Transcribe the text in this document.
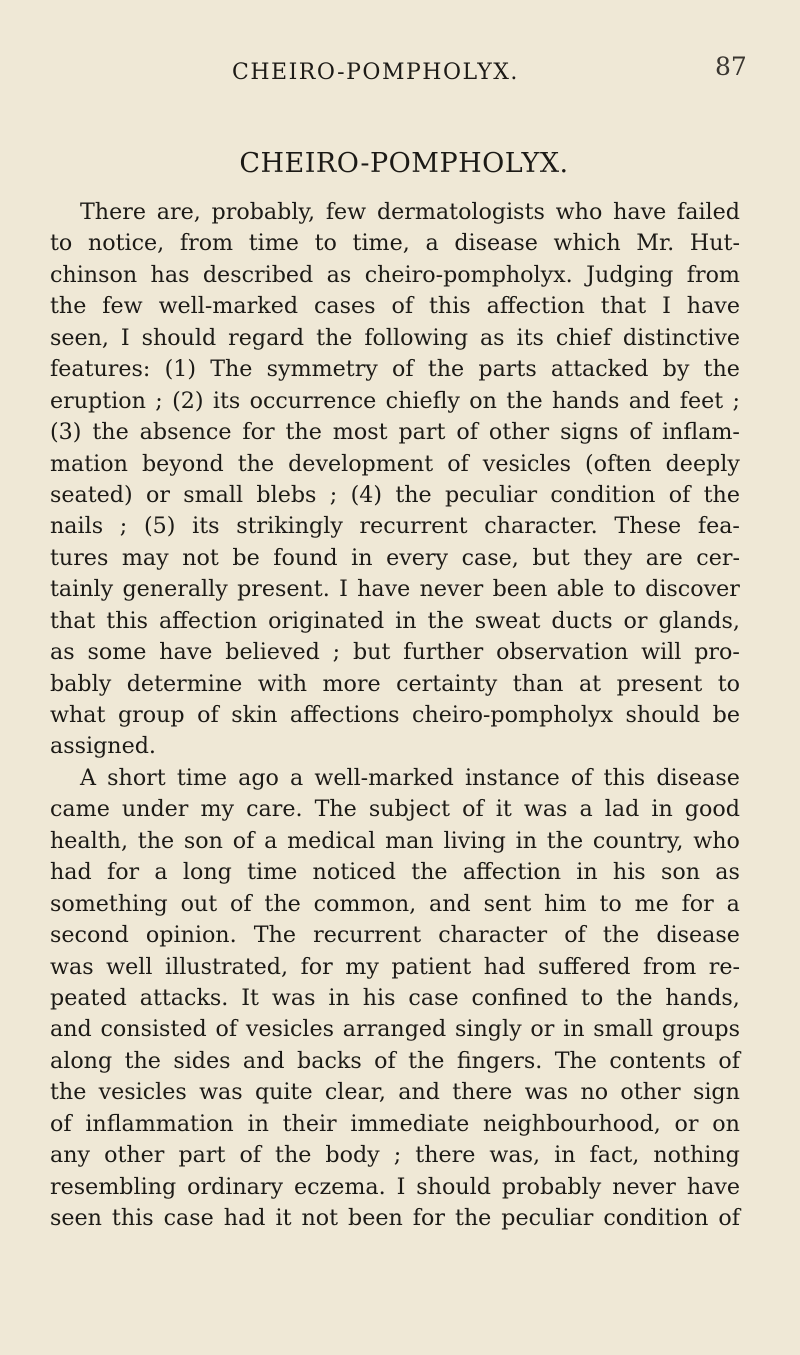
CHEIRO-POMPHOLYX.	87
CHEIRO-POMPHOLYX.
There are, probably, few dermatologists who have failed
to notice, from time to time, a disease which Mr. Hut-
chinson has described as cheiro-pompholyx. Judging from
the few well-marked cases of this affection that I have
seen, I should regard the following as its chief distinctive
features: (1) The symmetry of the parts attacked by the
eruption ; (2) its occurrence chiefly on the hands and feet ;
(3) the absence for the most part of other signs of inflam-
mation beyond the development of vesicles (often deeply
seated) or small blebs ; (4) the peculiar condition of the
nails ; (5) its strikingly recurrent character. These fea-
tures may not be found in every case, but they are cer-
tainly generally present. I have never been able to discover
that this affection originated in the sweat ducts or glands,
as some have believed ; but further observation will pro-
bably determine with more certainty than at present to
what group of skin affections cheiro-pompholyx should be
assigned.
A short time ago a well-marked instance of this disease
came under my care. The subject of it was a lad in good
health, the son of a medical man living in the country, who
had for a long time noticed the affection in his son as
something out of the common, and sent him to me for a
second opinion. The recurrent character of the disease
was well illustrated, for my patient had suffered from re-
peated attacks. It was in his case confined to the hands,
and consisted of vesicles arranged singly or in small groups
along the sides and backs of the fingers. The contents of
the vesicles was quite clear, and there was no other sign
of inflammation in their immediate neighbourhood, or on
any other part of the body ; there was, in fact, nothing
resembling ordinary eczema. I should probably never have
seen this case had it not been for the peculiar condition of
